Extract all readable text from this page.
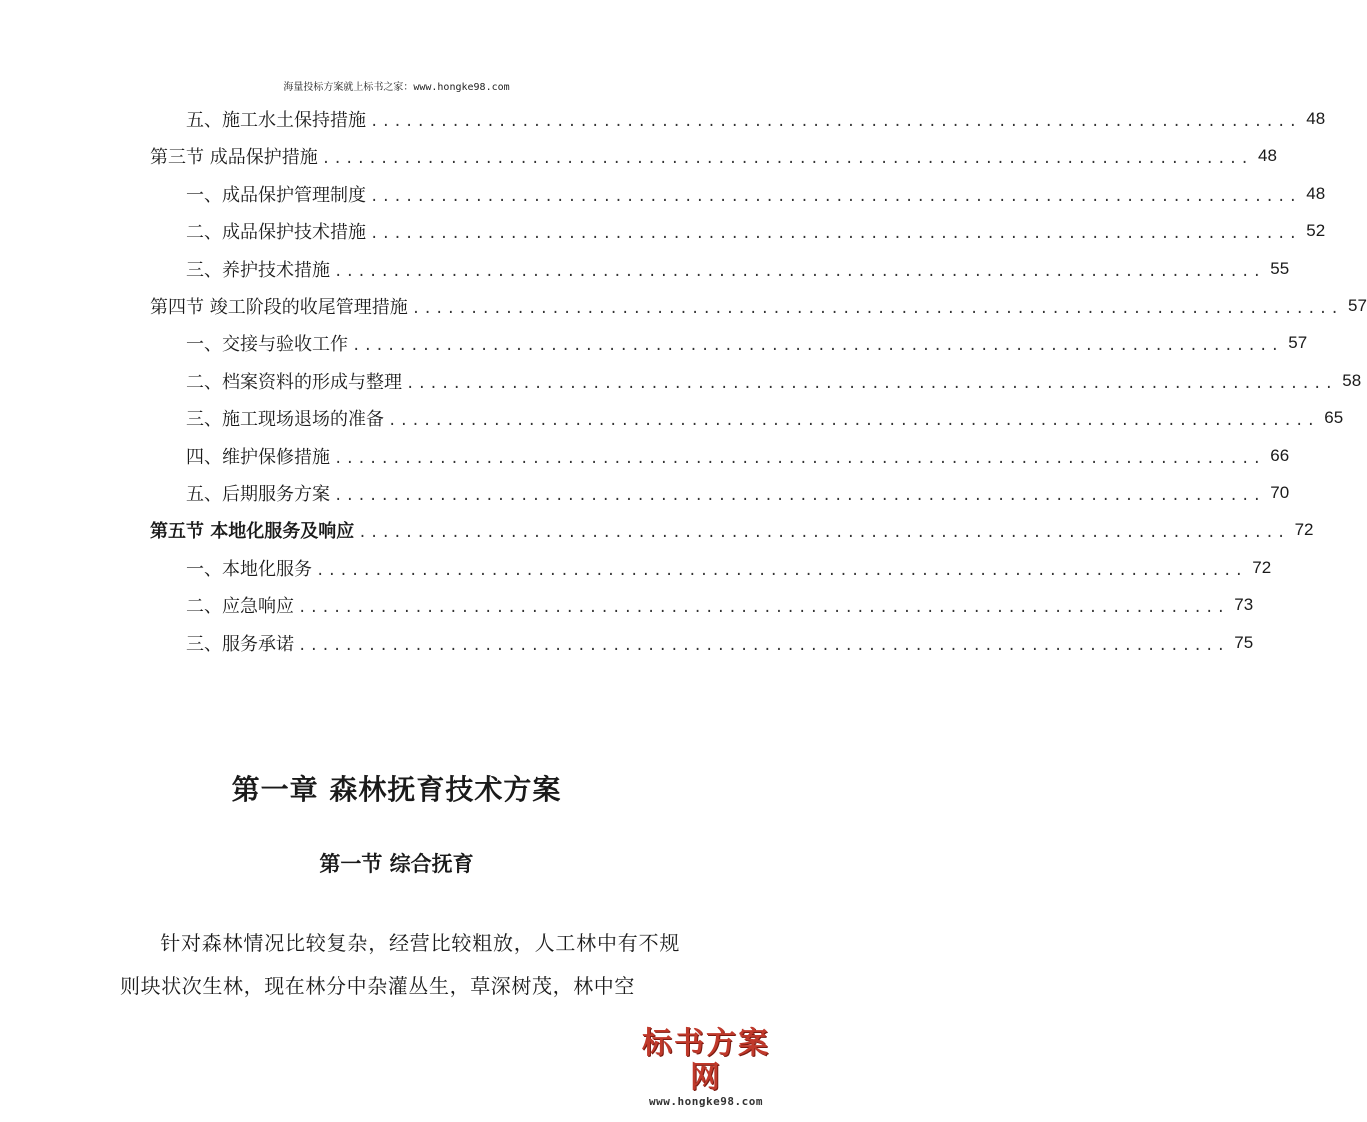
海量投标方案就上标书之家：www.hongke98.com
五、施工水土保持措施 ................................................................................ 48
第三节 成品保护措施 ................................................................................ 48
一、成品保护管理制度 ................................................................................ 48
二、成品保护技术措施 ................................................................................ 52
三、养护技术措施 ................................................................................ 55
第四节 竣工阶段的收尾管理措施 ................................................................................ 57
一、交接与验收工作 ................................................................................ 57
二、档案资料的形成与整理 ................................................................................ 58
三、施工现场退场的准备 ................................................................................ 65
四、维护保修措施 ................................................................................ 66
五、后期服务方案 ................................................................................ 70
第五节 本地化服务及响应 ................................................................................ 72
一、本地化服务 ................................................................................ 72
二、应急响应 ................................................................................ 73
三、服务承诺 ................................................................................ 75
第一章 森林抚育技术方案
第一节 综合抚育
针对森林情况比较复杂，经营比较粗放，人工林中有不规则块状次生林，现在林分中杂灌丛生，草深树茂，林中空
标书方案网
www.hongke98.com
